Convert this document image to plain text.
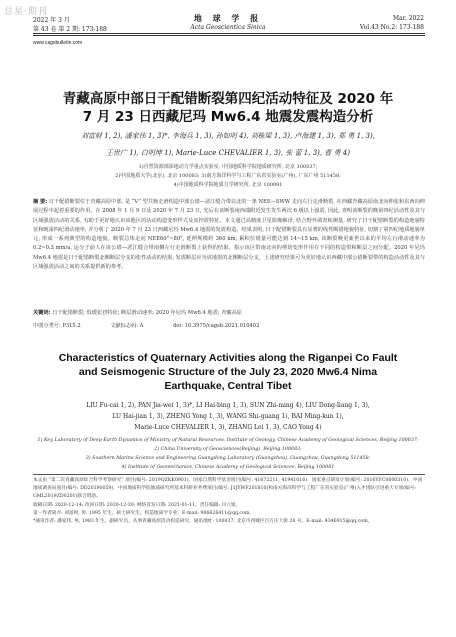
总星·期刊
2022 年 3 月
第 43 卷 第 2 期: 173-188
地 球 学 报
Acta Geoscientica Sinica
Mar. 2022
Vol.43 No.2: 173-188
www.cagsbulletin.com
青藏高原中部日干配错断裂第四纪活动特征及 2020 年
7 月 23 日西藏尼玛 Mw6.4 地震发震构造分析
刘富财 1, 2), 潘家伟 1, 3)*, 李海兵 1, 3), 孙如明 4), 刘栋梁 1, 3), 卢海建 1, 3), 郑 勇 1, 3),
王世广 1), 白明坤 1), Marie-Luce CHEVALIER 1, 3), 张 蕾 1, 3), 曹 勇 4)
1)自然资源部深地动力学重点实验室, 中国地质科学院地质研究所, 北京 100037;
2)中国地质大学(北京), 北京 100083; 3)南方海洋科学与工程广东省实验室(广州), 广东广州 511458;
4)中国地质科学院地质力学研究所, 北京 100081
摘 要: 日干配错断裂位于青藏高原中部, 是 “V” 型共轭走滑构造中部公错—恶江缝合带以北的一条 NEE—SWW 走向左行走滑断裂, 在西藏青藏高原南北向伸张和东西向伸展过程中起着重要的作用。在 2008 年 1 月 9 日及 2020 年 7 月 23 日, 先后在该断裂南西端附近发生发生两次 6 级以上强震, 因此, 查明该断裂的晚第四纪活动性及其与区域强震活动的关系, 有助于更好地认识该地区的活动构造变形样式及其控震特征。本文通过高精度卫星影像解译, 结合野外调查和测量, 研究了日干配错断裂的构造地貌特征和晚第四纪滑动速率, 并分析了 2020 年 7 月 23 日西藏尼玛 Mw6.4 地震的发震构造。结果表明, 日干配错断裂具有显著的线性断错地貌特征, 切割了第四纪地质地貌单元, 形成一系列典型的构造地貌。断裂总体走向 NEE60°~80°, 延伸规模约 360 km, 累积位错量可能达到 14~15 km, 该断裂晚更新世以来的平均左行滑动速率为 0.2~0.3 mm/a, 运分于前人在该公错—恶江缝合带南侧左行走滑断裂上获得的结果。指示该区带南北向的剪切变形作用在不同的构造带和断层之间分配。2020 年尼玛 Mw6.4 地震是日干配错断裂北侧断层分支的张性活动的结果, 发震断层应为该地震的北侧断层分支。上述研究结果可为更好地认识西藏中部公错断裂带的构造活动性及其与区域强震活动之间的关系提供新的参考。
关键词: 日干配错断裂; 低缓张扭特征; 断层滑动速率; 2020 年尼玛 Mw6.4 地震; 青藏高原
中图分类号: P315.2	文献标志码: A	doi: 10.3975/cagsb.2021.010402
Characteristics of Quaternary Activities along the Riganpei Co Fault
and Seismogenic Structure of the July 23, 2020 Mw6.4 Nima
Earthquake, Central Tibet
LIU Fu-cai 1, 2), PAN Jia-wei 1, 3)*, LI Hai-bing 1, 3), SUN Zhi-ming 4), LIU Dong-liang 1, 3),
LU Hai-jian 1, 3), ZHENG Yong 1, 3), WANG Shi-guang 1), BAI Ming-kun 1),
Marie-Luce CHEVALIER 1, 3), ZHANG Lei 1, 3), CAO Yong 4)
1) Key Laboratory of Deep-Earth Dynamics of Ministry of Natural Resources, Institute of Geology, Chinese Academy of Geological Sciences, Beijing 100037;
2) China University of Geosciences(Beijing), Beijing 100083;
3) Southern Marine Science and Engineering Guangdong Laboratory (Guangzhou), Guangzhou, Guangdong 511458;
4) Institute of Geomechanics, Chinese Academy of Geological Sciences, Beijing 100081
本文由 “第二次青藏高原综合科学考察研究” 项目(编号: 2019QZKK0901)、国家自然科学基金项目(编号: 41672211; 41941016)、国家重点研发计划(编号: 2016YFC0600310)、中国地质调查局项目(编号: DD20190059)、中国地质科学院地质研究所基本科研业务费项目(编号: J1JYWF201810)和南方海洋科学与工程广东省实验室(广州)人才团队引进重大专项(编号: GML2019ZD0201)联合资助。
收稿日期: 2020-12-14; 改回日期: 2020-12-30; 网络首发日期: 2021-01-11。责任编辑: 闫立娟。
第一作者简介: 刘富财, 男, 1995 年生。硕士研究生。构造地质学专业。E-mail: 986626411@qq.com。
*通讯作者: 潘家伟, 男, 1983 年生。副研究员。从事青藏高原活动构造研究。通讯地址: 100037, 北京市西城区百万庄大街 26 号。E-mail: 4346915@qq.com。
